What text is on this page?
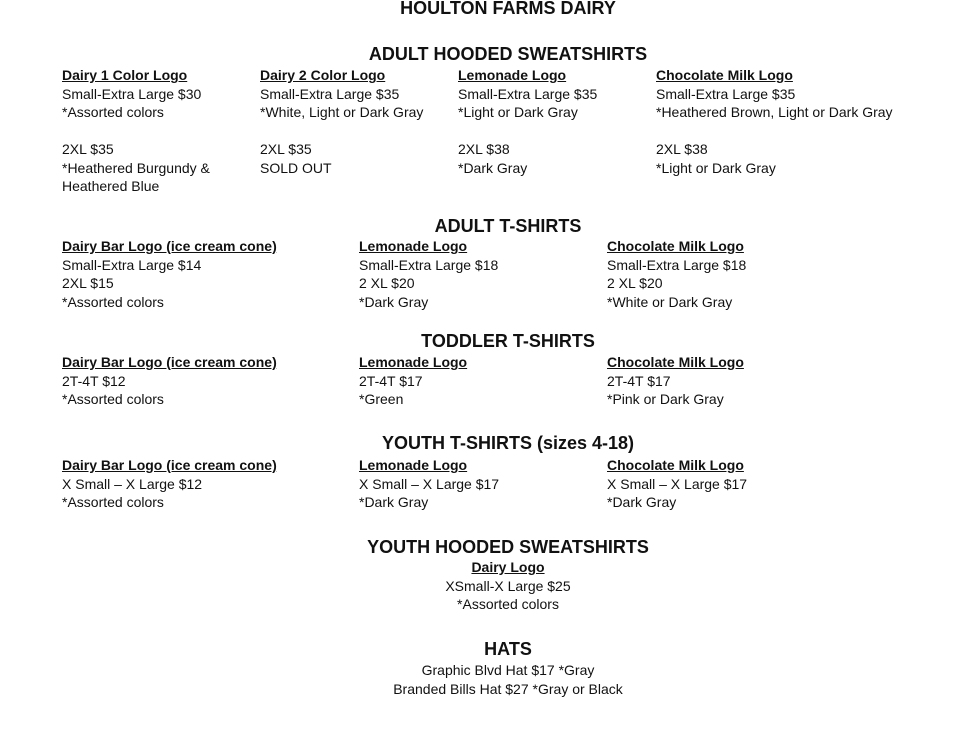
HOULTON FARMS DAIRY
ADULT HOODED SWEATSHIRTS
Dairy 1 Color Logo
Small-Extra Large $30
*Assorted colors
2XL $35
*Heathered Burgundy & Heathered Blue
Dairy 2 Color Logo
Small-Extra Large $35
*White, Light or Dark Gray
2XL $35
SOLD OUT
Lemonade Logo
Small-Extra Large $35
*Light or Dark Gray
2XL $38
*Dark Gray
Chocolate Milk Logo
Small-Extra Large $35
*Heathered Brown, Light or Dark Gray
2XL $38
*Light or Dark Gray
ADULT T-SHIRTS
Dairy Bar Logo (ice cream cone)
Small-Extra Large $14
2XL $15
*Assorted colors
Lemonade Logo
Small-Extra Large $18
2 XL $20
*Dark Gray
Chocolate Milk Logo
Small-Extra Large $18
2 XL $20
*White or Dark Gray
TODDLER T-SHIRTS
Dairy Bar Logo (ice cream cone)
2T-4T $12
*Assorted colors
Lemonade Logo
2T-4T $17
*Green
Chocolate Milk Logo
2T-4T $17
*Pink or Dark Gray
YOUTH T-SHIRTS (sizes 4-18)
Dairy Bar Logo (ice cream cone)
X Small – X Large $12
*Assorted colors
Lemonade Logo
X Small – X Large $17
*Dark Gray
Chocolate Milk Logo
X Small – X Large $17
*Dark Gray
YOUTH HOODED SWEATSHIRTS
Dairy Logo
XSmall-X Large $25
*Assorted colors
HATS
Graphic Blvd Hat $17 *Gray
Branded Bills Hat $27 *Gray or Black
